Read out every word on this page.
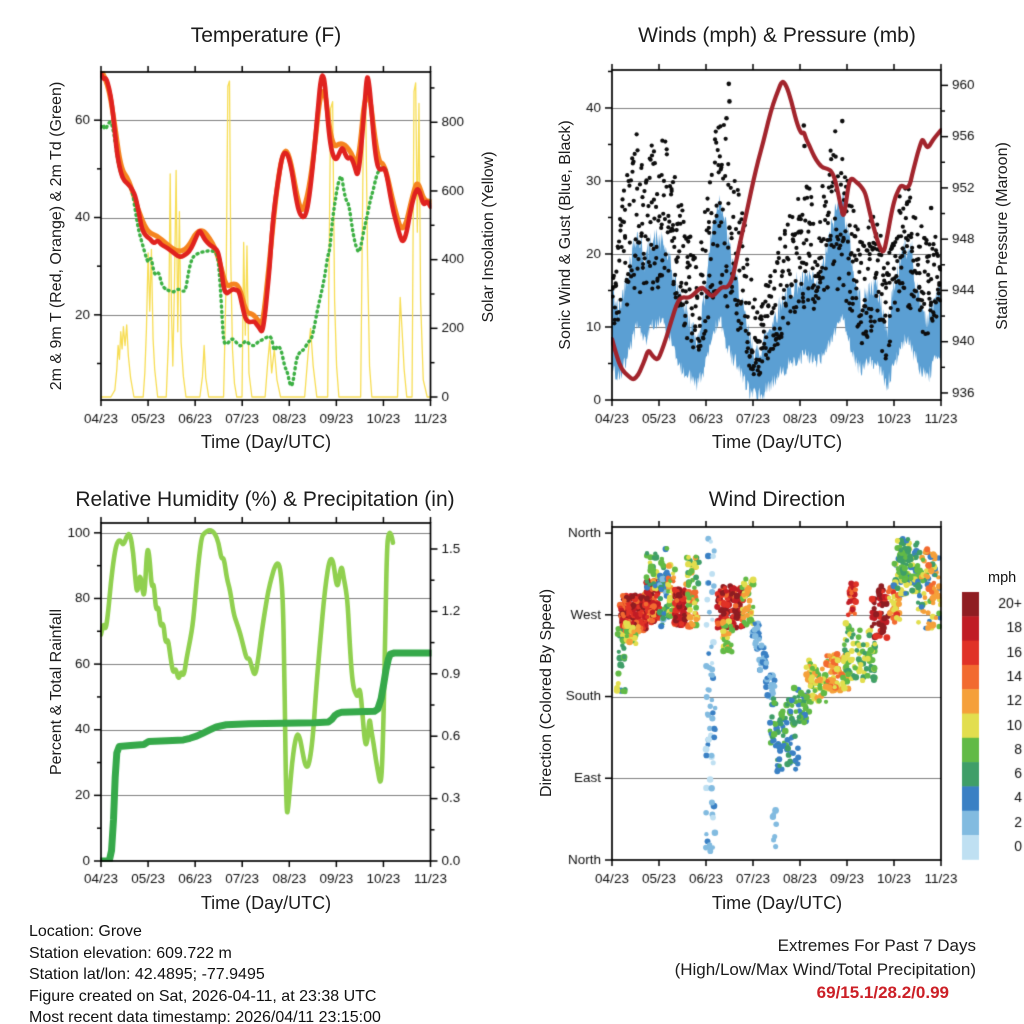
Temperature (F)	Winds (mph) & Pressure (mb)
Relative Humidity (%) & Precipitation (in)	Wind Direction
Time (Day/UTC)	Time (Day/UTC)
Time (Day/UTC)	Time (Day/UTC)
2m & 9m T (Red, Orange) & 2m Td (Green)	Solar Insolation (Yellow)	Sonic Wind & Gust (Blue, Black)	Station Pressure (Maroon)
Percent & Total Rainfall	Direction (Colored By Speed)
mph
Location: Grove
Station elevation: 609.722 m
Station lat/lon: 42.4895; -77.9495
Figure created on Sat, 2026-04-11, at 23:38 UTC
Most recent data timestamp: 2026/04/11 23:15:00
Extremes For Past 7 Days
(High/Low/Max Wind/Total Precipitation)
69/15.1/28.2/0.99
